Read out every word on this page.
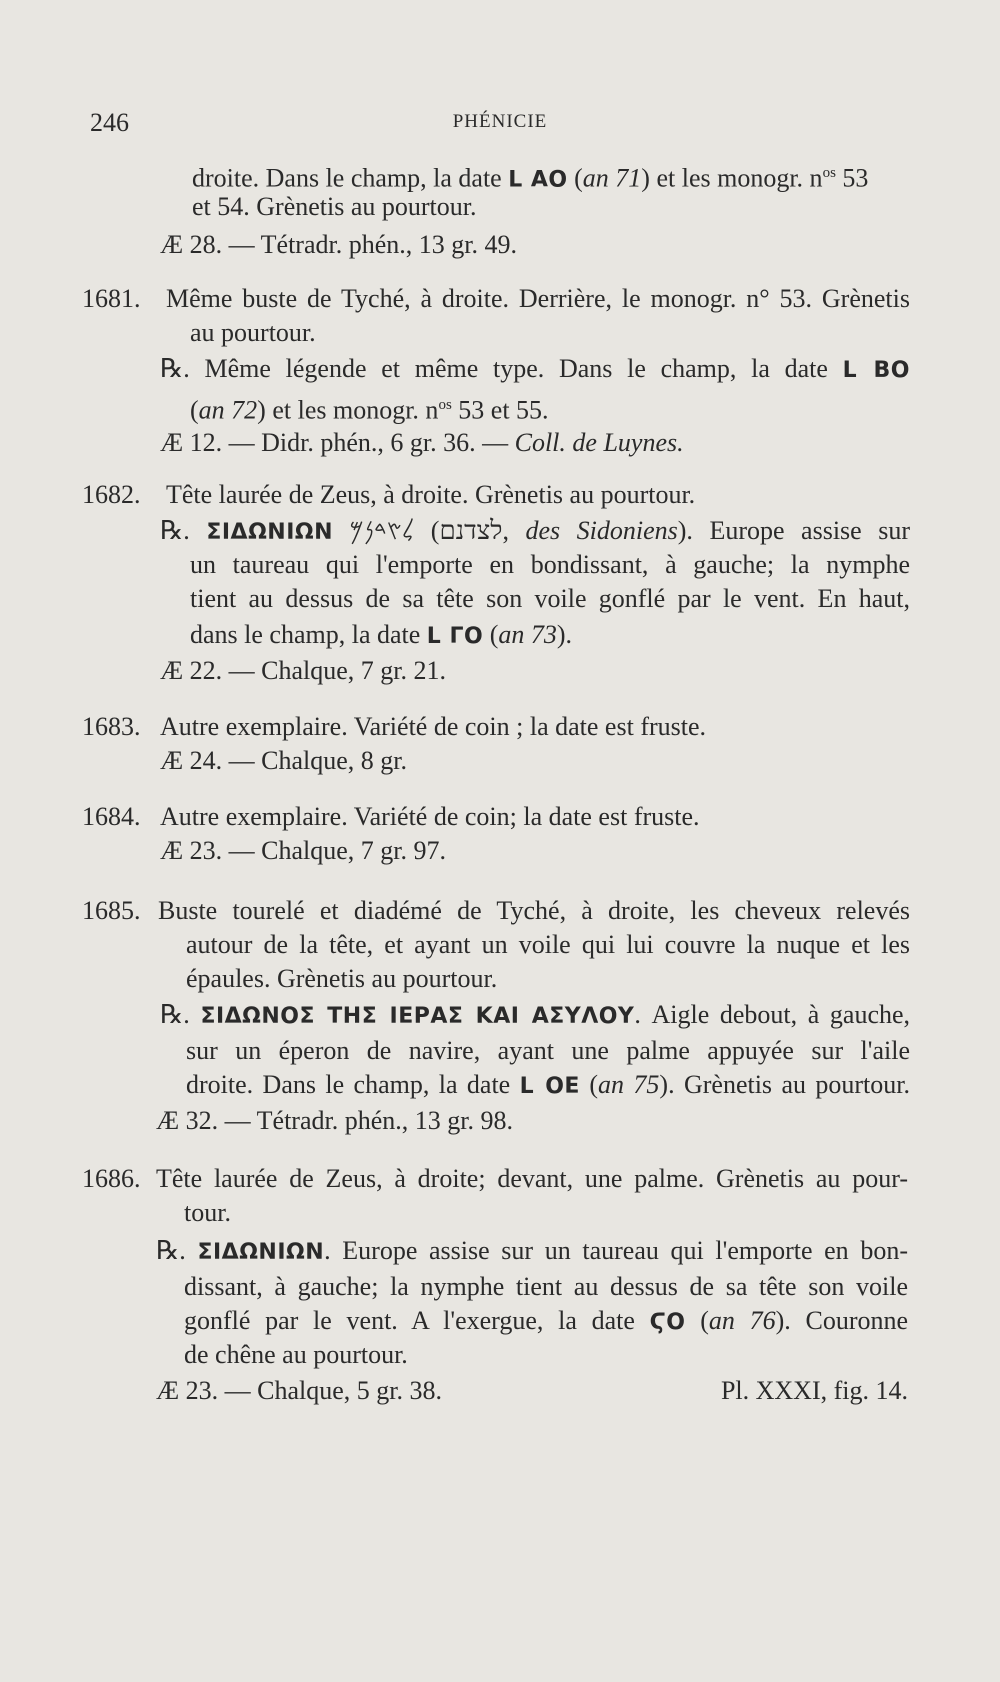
246	PHÉNICIE
droite. Dans le champ, la date L ΑΟ (an 71) et les monogr. $n^{os}$ 53
et 54. Grènetis au pourtour.
Æ 28. — Tétradr. phén., 13 gr. 49.
1681. Même buste de Tyché, à droite. Derrière, le monogr. n° 53. Grènetis
au pourtour.
℞. Même légende et même type. Dans le champ, la date L ΒΟ
(an 72) et les monogr. $n^{os}$ 53 et 55.
Æ 12. — Didr. phén., 6 gr. 36. — Coll. de Luynes.
1682. Tête laurée de Zeus, à droite. Grènetis au pourtour.
℞. ΣΙΔΩΝΙΩΝ 𐤋𐤑𐤃𐤍𐤌 (לצדנם, des Sidoniens). Europe assise sur
un taureau qui l'emporte en bondissant, à gauche; la nymphe
tient au dessus de sa tête son voile gonflé par le vent. En haut,
dans le champ, la date L ΓΟ (an 73).
Æ 22. — Chalque, 7 gr. 21.
1683. Autre exemplaire. Variété de coin ; la date est fruste.
Æ 24. — Chalque, 8 gr.
1684. Autre exemplaire. Variété de coin; la date est fruste.
Æ 23. — Chalque, 7 gr. 97.
1685. Buste tourelé et diadémé de Tyché, à droite, les cheveux relevés
autour de la tête, et ayant un voile qui lui couvre la nuque et les
épaules. Grènetis au pourtour.
℞. ΣΙΔΩΝΟΣ ΤΗΣ ΙΕΡΑΣ ΚΑΙ ΑΣΥΛΟΥ. Aigle debout, à gauche,
sur un éperon de navire, ayant une palme appuyée sur l'aile
droite. Dans le champ, la date L ΟΕ (an 75). Grènetis au pourtour.
Æ 32. — Tétradr. phén., 13 gr. 98.
1686. Tête laurée de Zeus, à droite; devant, une palme. Grènetis au pour-
tour.
℞. ΣΙΔΩΝΙΩΝ. Europe assise sur un taureau qui l'emporte en bon-
dissant, à gauche; la nymphe tient au dessus de sa tête son voile
gonflé par le vent. A l'exergue, la date ϚΟ (an 76). Couronne
de chêne au pourtour.
Æ 23. — Chalque, 5 gr. 38.	Pl. XXXI, fig. 14.
